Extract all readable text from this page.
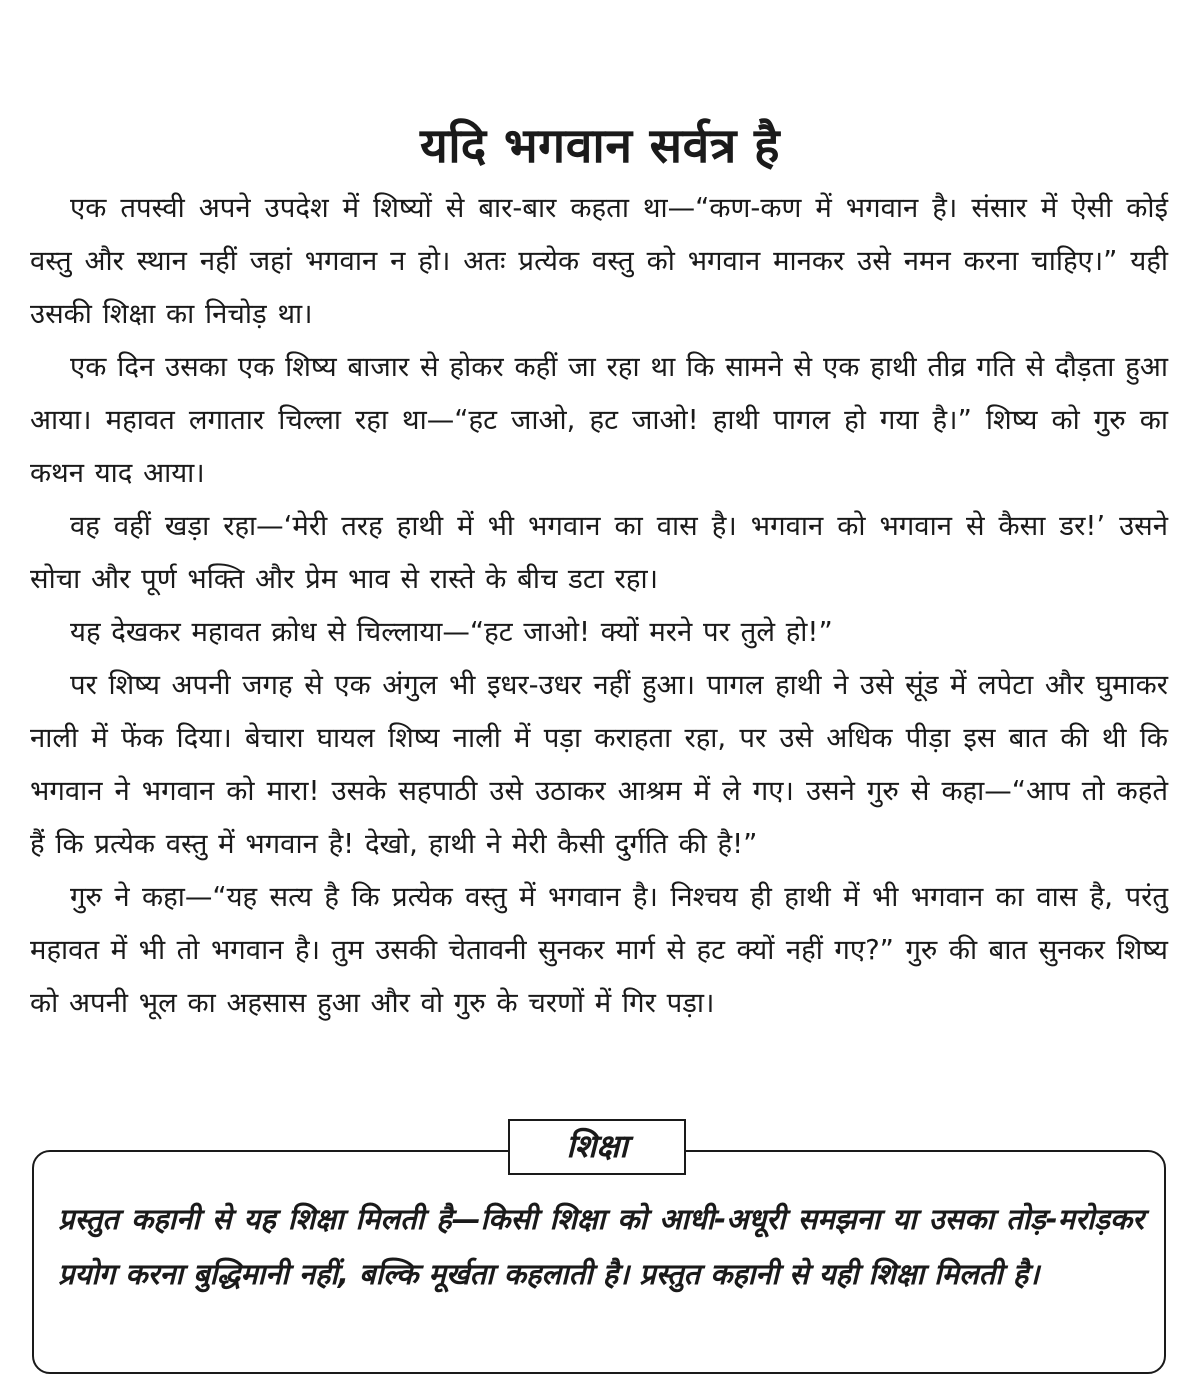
यदि भगवान सर्वत्र है

एक तपस्वी अपने उपदेश में शिष्यों से बार-बार कहता था—“कण-कण में भगवान है। संसार में ऐसी कोई वस्तु और स्थान नहीं जहां भगवान न हो। अतः प्रत्येक वस्तु को भगवान मानकर उसे नमन करना चाहिए।” यही उसकी शिक्षा का निचोड़ था।

एक दिन उसका एक शिष्य बाजार से होकर कहीं जा रहा था कि सामने से एक हाथी तीव्र गति से दौड़ता हुआ आया। महावत लगातार चिल्ला रहा था—“हट जाओ, हट जाओ! हाथी पागल हो गया है।” शिष्य को गुरु का कथन याद आया।

वह वहीं खड़ा रहा—‘मेरी तरह हाथी में भी भगवान का वास है। भगवान को भगवान से कैसा डर!’ उसने सोचा और पूर्ण भक्ति और प्रेम भाव से रास्ते के बीच डटा रहा।

यह देखकर महावत क्रोध से चिल्लाया—“हट जाओ! क्यों मरने पर तुले हो!”

पर शिष्य अपनी जगह से एक अंगुल भी इधर-उधर नहीं हुआ। पागल हाथी ने उसे सूंड में लपेटा और घुमाकर नाली में फेंक दिया। बेचारा घायल शिष्य नाली में पड़ा कराहता रहा, पर उसे अधिक पीड़ा इस बात की थी कि भगवान ने भगवान को मारा! उसके सहपाठी उसे उठाकर आश्रम में ले गए। उसने गुरु से कहा—“आप तो कहते हैं कि प्रत्येक वस्तु में भगवान है! देखो, हाथी ने मेरी कैसी दुर्गति की है!”

गुरु ने कहा—“यह सत्य है कि प्रत्येक वस्तु में भगवान है। निश्चय ही हाथी में भी भगवान का वास है, परंतु महावत में भी तो भगवान है। तुम उसकी चेतावनी सुनकर मार्ग से हट क्यों नहीं गए?” गुरु की बात सुनकर शिष्य को अपनी भूल का अहसास हुआ और वो गुरु के चरणों में गिर पड़ा।

प्रस्तुत कहानी से यह शिक्षा मिलती है—किसी शिक्षा को आधी-अधूरी समझना या उसका तोड़-मरोड़कर प्रयोग करना बुद्धिमानी नहीं, बल्कि मूर्खता कहलाती है। प्रस्तुत कहानी से यही शिक्षा मिलती है।

शिक्षा
